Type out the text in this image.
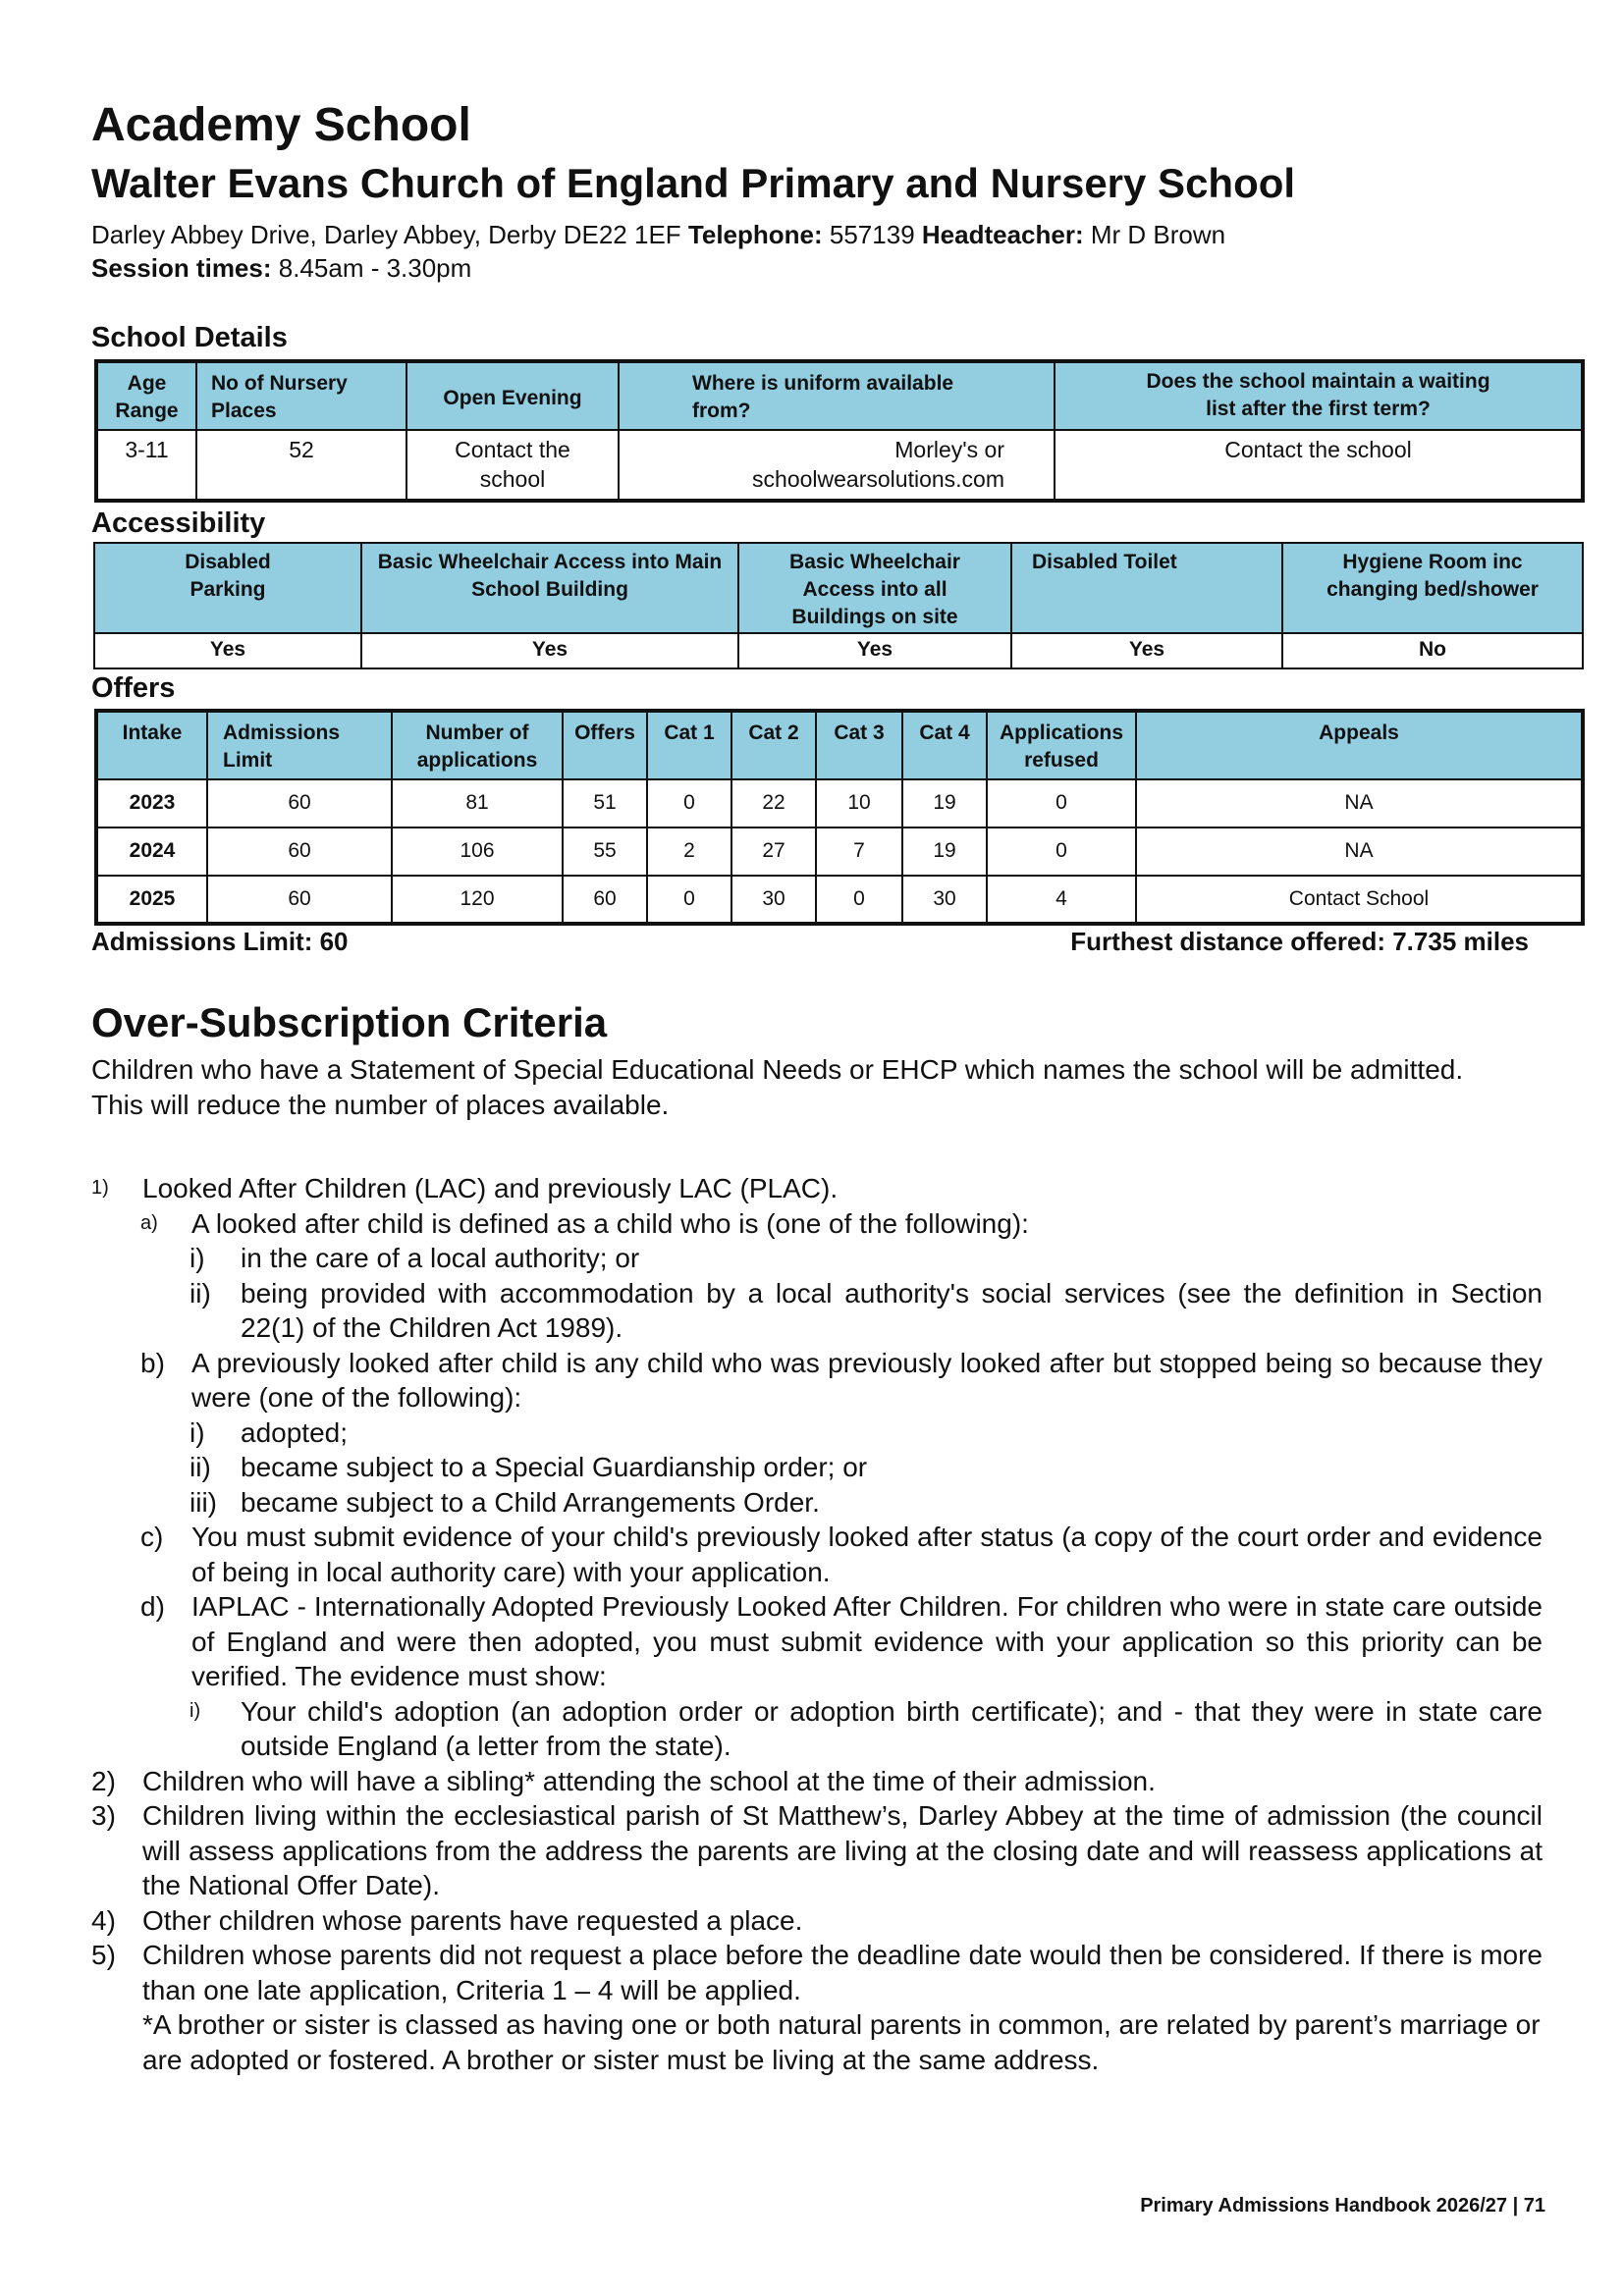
Academy School
Walter Evans Church of England Primary and Nursery School
Darley Abbey Drive, Darley Abbey, Derby DE22 1EF Telephone: 557139 Headteacher: Mr D Brown
Session times: 8.45am - 3.30pm
School Details
Age Range	No of Nursery Places	Open Evening	Where is uniform available from?	Does the school maintain a waiting list after the first term?
3-11	52	Contact the school	Morley's or schoolwearsolutions.com	Contact the school
Accessibility
Disabled Parking	Basic Wheelchair Access into Main School Building	Basic Wheelchair Access into all Buildings on site	Disabled Toilet	Hygiene Room inc changing bed/shower
Yes	Yes	Yes	Yes	No
Offers
Intake	Admissions Limit	Number of applications	Offers	Cat 1	Cat 2	Cat 3	Cat 4	Applications refused	Appeals
2023	60	81	51	0	22	10	19	0	NA
2024	60	106	55	2	27	7	19	0	NA
2025	60	120	60	0	30	0	30	4	Contact School
Admissions Limit: 60	Furthest distance offered: 7.735 miles
Over-Subscription Criteria
Children who have a Statement of Special Educational Needs or EHCP which names the school will be admitted. This will reduce the number of places available.
1)	Looked After Children (LAC) and previously LAC (PLAC).
a)	A looked after child is defined as a child who is (one of the following):
i)	in the care of a local authority; or
ii)	being provided with accommodation by a local authority's social services (see the definition in Section 22(1) of the Children Act 1989).
b) A previously looked after child is any child who was previously looked after but stopped being so because they were (one of the following):
i)	adopted;
ii)	became subject to a Special Guardianship order; or
iii) became subject to a Child Arrangements Order.
c)	You must submit evidence of your child's previously looked after status (a copy of the court order and evidence of being in local authority care) with your application.
d) IAPLAC - Internationally Adopted Previously Looked After Children. For children who were in state care outside of England and were then adopted, you must submit evidence with your application so this priority can be verified. The evidence must show:
i)	Your child's adoption (an adoption order or adoption birth certificate); and - that they were in state care outside England (a letter from the state).
2) Children who will have a sibling* attending the school at the time of their admission.
3) Children living within the ecclesiastical parish of St Matthew’s, Darley Abbey at the time of admission (the council will assess applications from the address the parents are living at the closing date and will reassess applications at the National Offer Date).
4) Other children whose parents have requested a place.
5) Children whose parents did not request a place before the deadline date would then be considered. If there is more than one late application, Criteria 1 – 4 will be applied.
*A brother or sister is classed as having one or both natural parents in common, are related by parent’s marriage or are adopted or fostered. A brother or sister must be living at the same address.
Primary Admissions Handbook 2026/27 | 71
